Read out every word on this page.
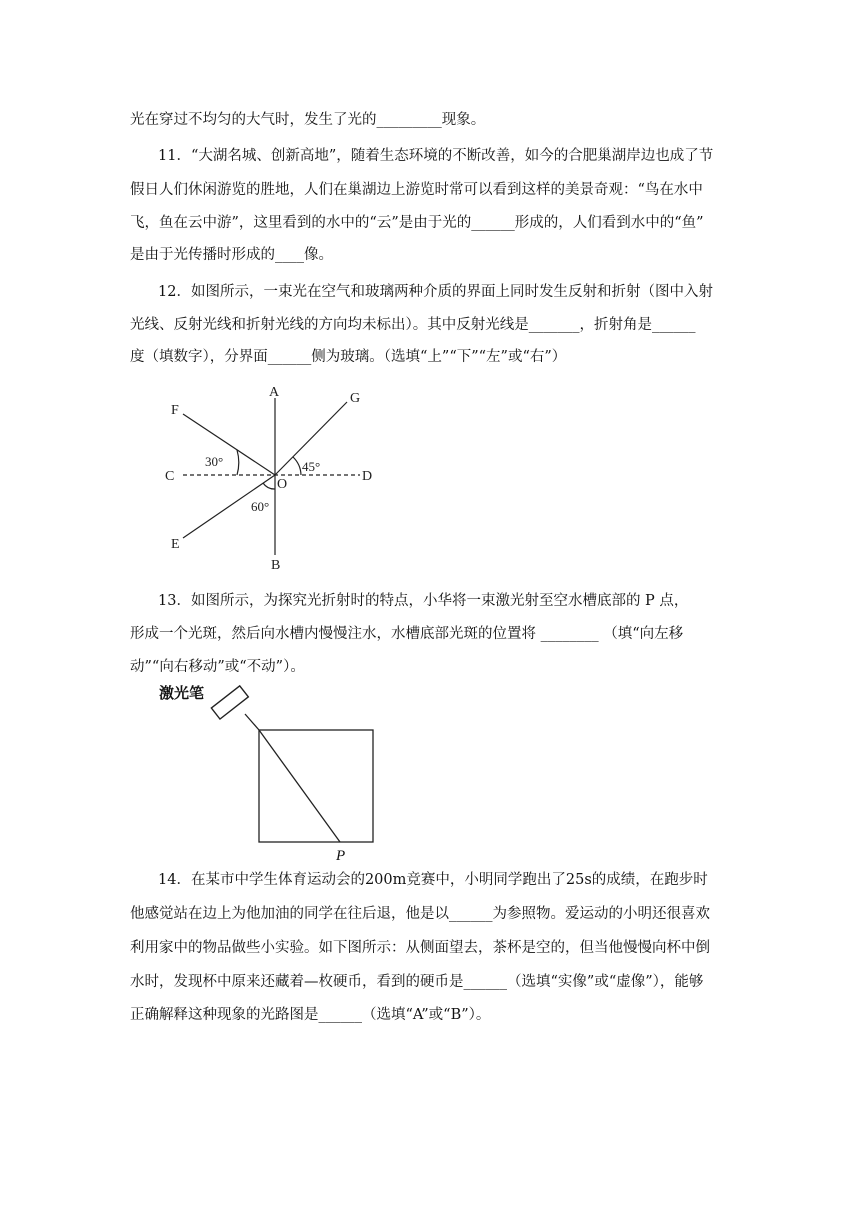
光在穿过不均匀的大气时，发生了光的_________现象。
11．“大湖名城、创新高地”，随着生态环境的不断改善，如今的合肥巢湖岸边也成了节
假日人们休闲游览的胜地，人们在巢湖边上游览时常可以看到这样的美景奇观：“鸟在水中
飞，鱼在云中游”，这里看到的水中的“云”是由于光的______形成的，人们看到水中的“鱼”
是由于光传播时形成的____像。
12．如图所示，一束光在空气和玻璃两种介质的界面上同时发生反射和折射（图中入射
光线、反射光线和折射光线的方向均未标出）。其中反射光线是_______，折射角是______
度（填数字），分界面______侧为玻璃。（选填“上”“下”“左”或“右”）
A
B
C	D
E
F
G
O
30°	45°
60°
13．如图所示，为探究光折射时的特点，小华将一束激光射至空水槽底部的 P 点，
形成一个光斑，然后向水槽内慢慢注水，水槽底部光斑的位置将 ________ （填“向左移
动”“向右移动”或“不动”）。
激光笔
P
14．在某市中学生体育运动会的200m竞赛中，小明同学跑出了25s的成绩，在跑步时
他感觉站在边上为他加油的同学在往后退，他是以______为参照物。爱运动的小明还很喜欢
利用家中的物品做些小实验。如下图所示：从侧面望去，茶杯是空的，但当他慢慢向杯中倒
水时，发现杯中原来还藏着—枚硬币，看到的硬币是______（选填“实像”或“虚像”），能够
正确解释这种现象的光路图是______（选填“A”或“B”）。
